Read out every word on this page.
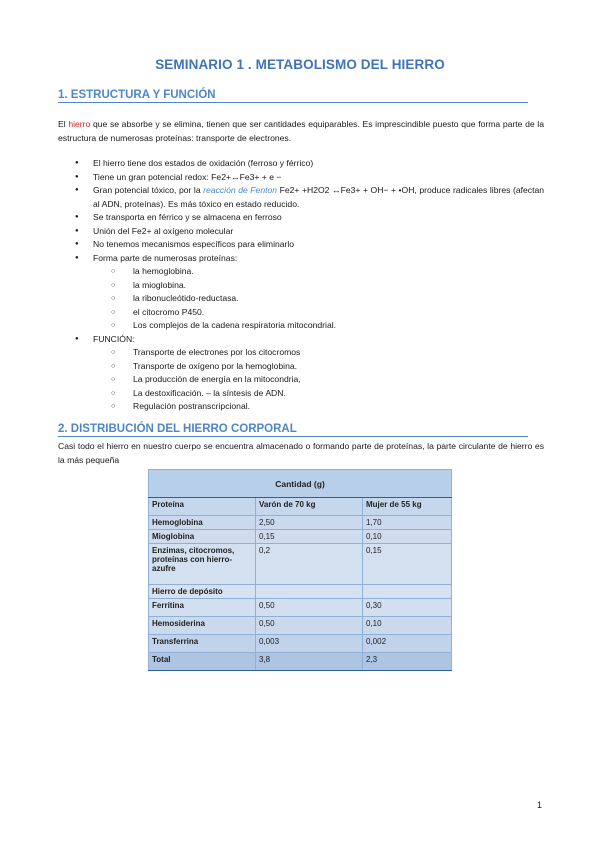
SEMINARIO 1 . METABOLISMO DEL HIERRO
1. ESTRUCTURA Y FUNCIÓN
El hierro que se absorbe y se elimina, tienen que ser cantidades equiparables. Es imprescindible puesto que forma parte de la estructura de numerosas proteínas: transporte de electrones.
● El hierro tiene dos estados de oxidación (ferroso y férrico)
● Tiene un gran potencial redox: Fe2+↔Fe3+ + e −
● Gran potencial tóxico, por la reacción de Fenton Fe2+ +H2O2 ↔Fe3+ + OH− + •OH, produce radicales libres (afectan al ADN, proteínas). Es más tóxico en estado reducido.
● Se transporta en férrico y se almacena en ferroso
● Unión del Fe2+ al oxígeno molecular
● No tenemos mecanismos específicos para eliminarlo
● Forma parte de numerosas proteínas:
○ la hemoglobina.
○ la mioglobina.
○ la ribonucleótido-reductasa.
○ el citocromo P450.
○ Los complejos de la cadena respiratoria mitocondrial.
● FUNCIÓN:
○ Transporte de electrones por los citocromos
○ Transporte de oxígeno por la hemoglobina.
○ La producción de energía en la mitocondria,
○ La destoxificación. – la síntesis de ADN.
○ Regulación postranscripcional.
2. DISTRIBUCIÓN DEL HIERRO CORPORAL
Casi todo el hierro en nuestro cuerpo se encuentra almacenado o formando parte de proteínas, la parte circulante de hierro es la más pequeña
Cantidad (g)		
Proteína	Varón de 70 kg	Mujer de 55 kg
Hemoglobina	2,50	1,70
Mioglobina	0,15	0,10
Enzimas, citocromos, proteínas con hierro-azufre	0,2	0,15
Hierro de depósito		
Ferritina	0,50	0,30
Hemosiderina	0,50	0,10
Transferrina	0,003	0,002
Total	3,8	2,3
1
